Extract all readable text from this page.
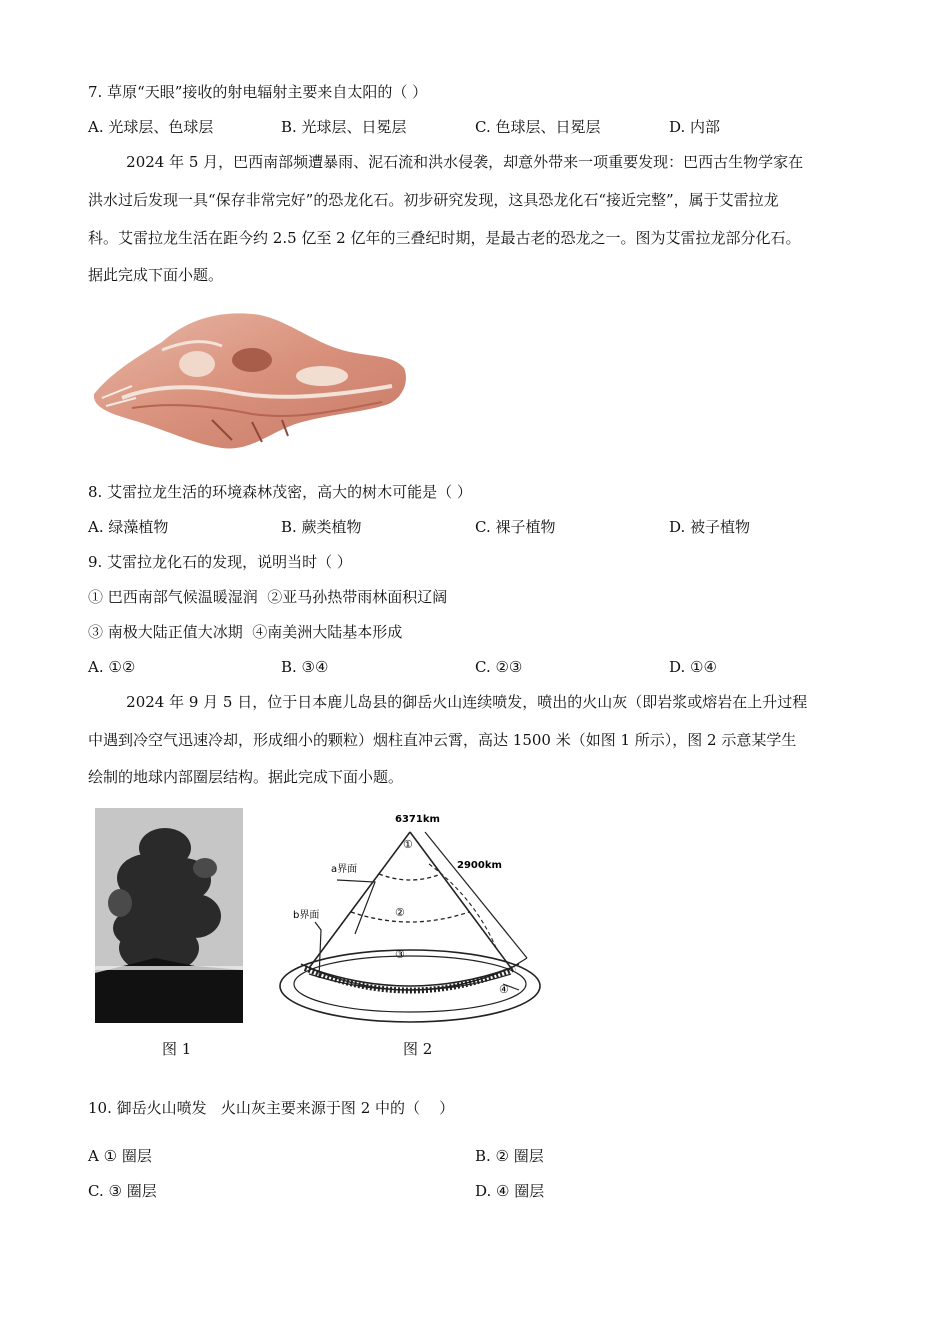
7. 草原“天眼”接收的射电辐射主要来自太阳的（ ）
A. 光球层、色球层	B. 光球层、日冕层	C. 色球层、日冕层	D. 内部
2024 年 5 月，巴西南部频遭暴雨、泥石流和洪水侵袭，却意外带来一项重要发现：巴西古生物学家在
洪水过后发现一具“保存非常完好”的恐龙化石。初步研究发现，这具恐龙化石“接近完整”，属于艾雷拉龙
科。艾雷拉龙生活在距今约 2.5 亿至 2 亿年的三叠纪时期，是最古老的恐龙之一。图为艾雷拉龙部分化石。
据此完成下面小题。
8. 艾雷拉龙生活的环境森林茂密，高大的树木可能是（ ）
A. 绿藻植物	B. 蕨类植物	C. 裸子植物	D. 被子植物
9. 艾雷拉龙化石的发现，说明当时（ ）
① 巴西南部气候温暖湿润  ②亚马孙热带雨林面积辽阔
③ 南极大陆正值大冰期  ④南美洲大陆基本形成
A. ①②	B. ③④	C. ②③	D. ①④
2024 年 9 月 5 日，位于日本鹿儿岛县的御岳火山连续喷发，喷出的火山灰（即岩浆或熔岩在上升过程
中遇到冷空气迅速冷却，形成细小的颗粒）烟柱直冲云霄，高达 1500 米（如图 1 所示），图 2 示意某学生
绘制的地球内部圈层结构。据此完成下面小题。
图 1
①
②
③
④
6371km
2900km
a界面
b界面
图 2
10. 御岳火山喷发   火山灰主要来源于图 2 中的（    ）
A ① 圈层	B. ② 圈层
C. ③ 圈层	D. ④ 圈层
